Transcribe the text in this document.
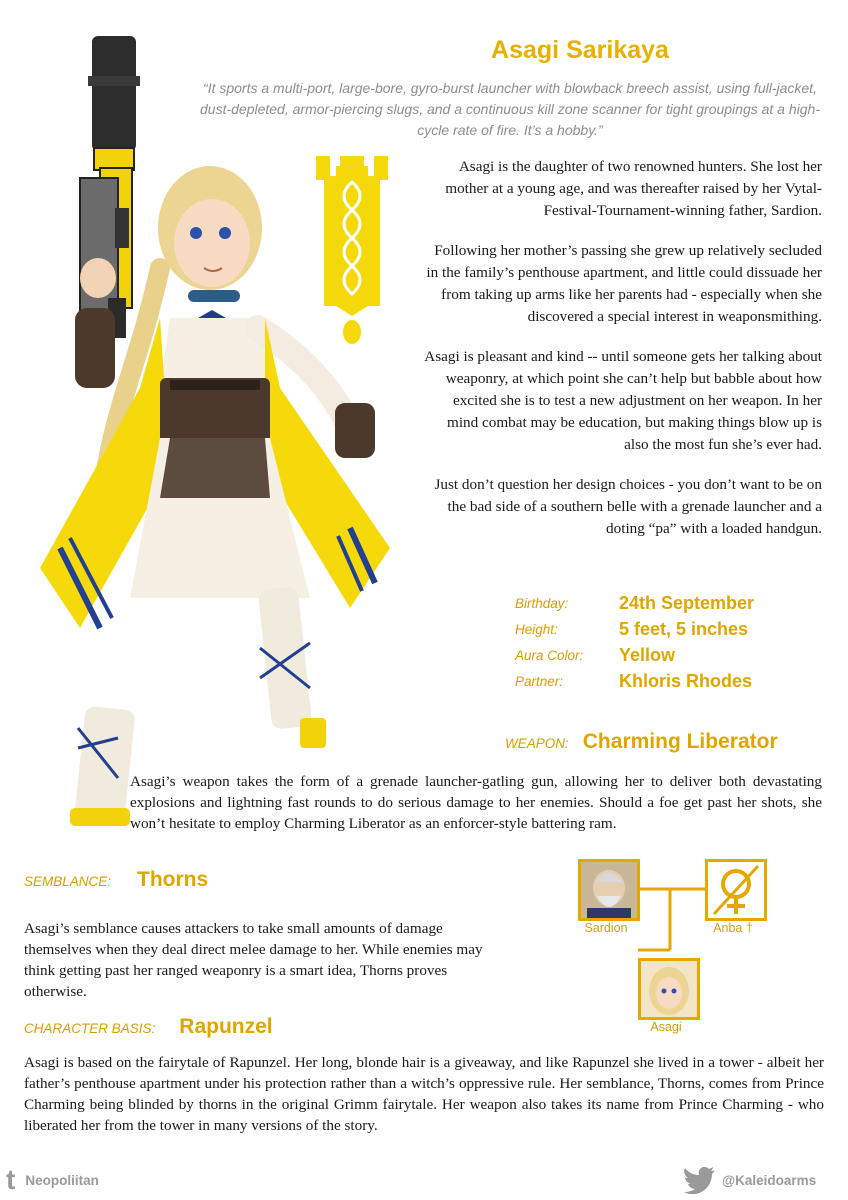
Asagi Sarikaya
“It sports a multi-port, large-bore, gyro-burst launcher with blowback breech assist, using full-jacket, dust-depleted, armor-piercing slugs, and a continuous kill zone scanner for tight groupings at a high-cycle rate of fire. It’s a hobby.”

Asagi is the daughter of two renowned hunters. She lost her mother at a young age, and was thereafter raised by her Vytal-Festival-Tournament-winning father, Sardion.

Following her mother’s passing she grew up relatively secluded in the family’s penthouse apartment, and little could dissuade her from taking up arms like her parents had - especially when she discovered a special interest in weaponsmithing.

Asagi is pleasant and kind -- until someone gets her talking about weaponry, at which point she can’t help but babble about how excited she is to test a new adjustment on her weapon. In her mind combat may be education, but making things blow up is also the most fun she’s ever had.

Just don’t question her design choices - you don’t want to be on the bad side of a southern belle with a grenade launcher and a doting “pa” with a loaded handgun.

Birthday:	24th September
Height:	5 feet, 5 inches
Aura Color:	Yellow
Partner:	Khloris Rhodes
WEAPON: Charming Liberator
Asagi’s weapon takes the form of a grenade launcher-gatling gun, allowing her to deliver both devastating explosions and lightning fast rounds to do serious damage to her enemies. Should a foe get past her shots, she won’t hesitate to employ Charming Liberator as an enforcer-style battering ram.
SEMBLANCE: Thorns
Asagi’s semblance causes attackers to take small amounts of damage themselves when they deal direct melee damage to her. While enemies may think getting past her ranged weaponry is a smart idea, Thorns proves otherwise.
CHARACTER BASIS: Rapunzel
Asagi is based on the fairytale of Rapunzel. Her long, blonde hair is a giveaway, and like Rapunzel she lived in a tower - albeit her father’s penthouse apartment under his protection rather than a witch’s oppressive rule. Her semblance, Thorns, comes from Prince Charming being blinded by thorns in the original Grimm fairytale. Her weapon also takes its name from Prince Charming - who liberated her from the tower in many versions of the story.
Sardion	Anba †
Asagi
t Neopoliitan	@Kaleidoarms
